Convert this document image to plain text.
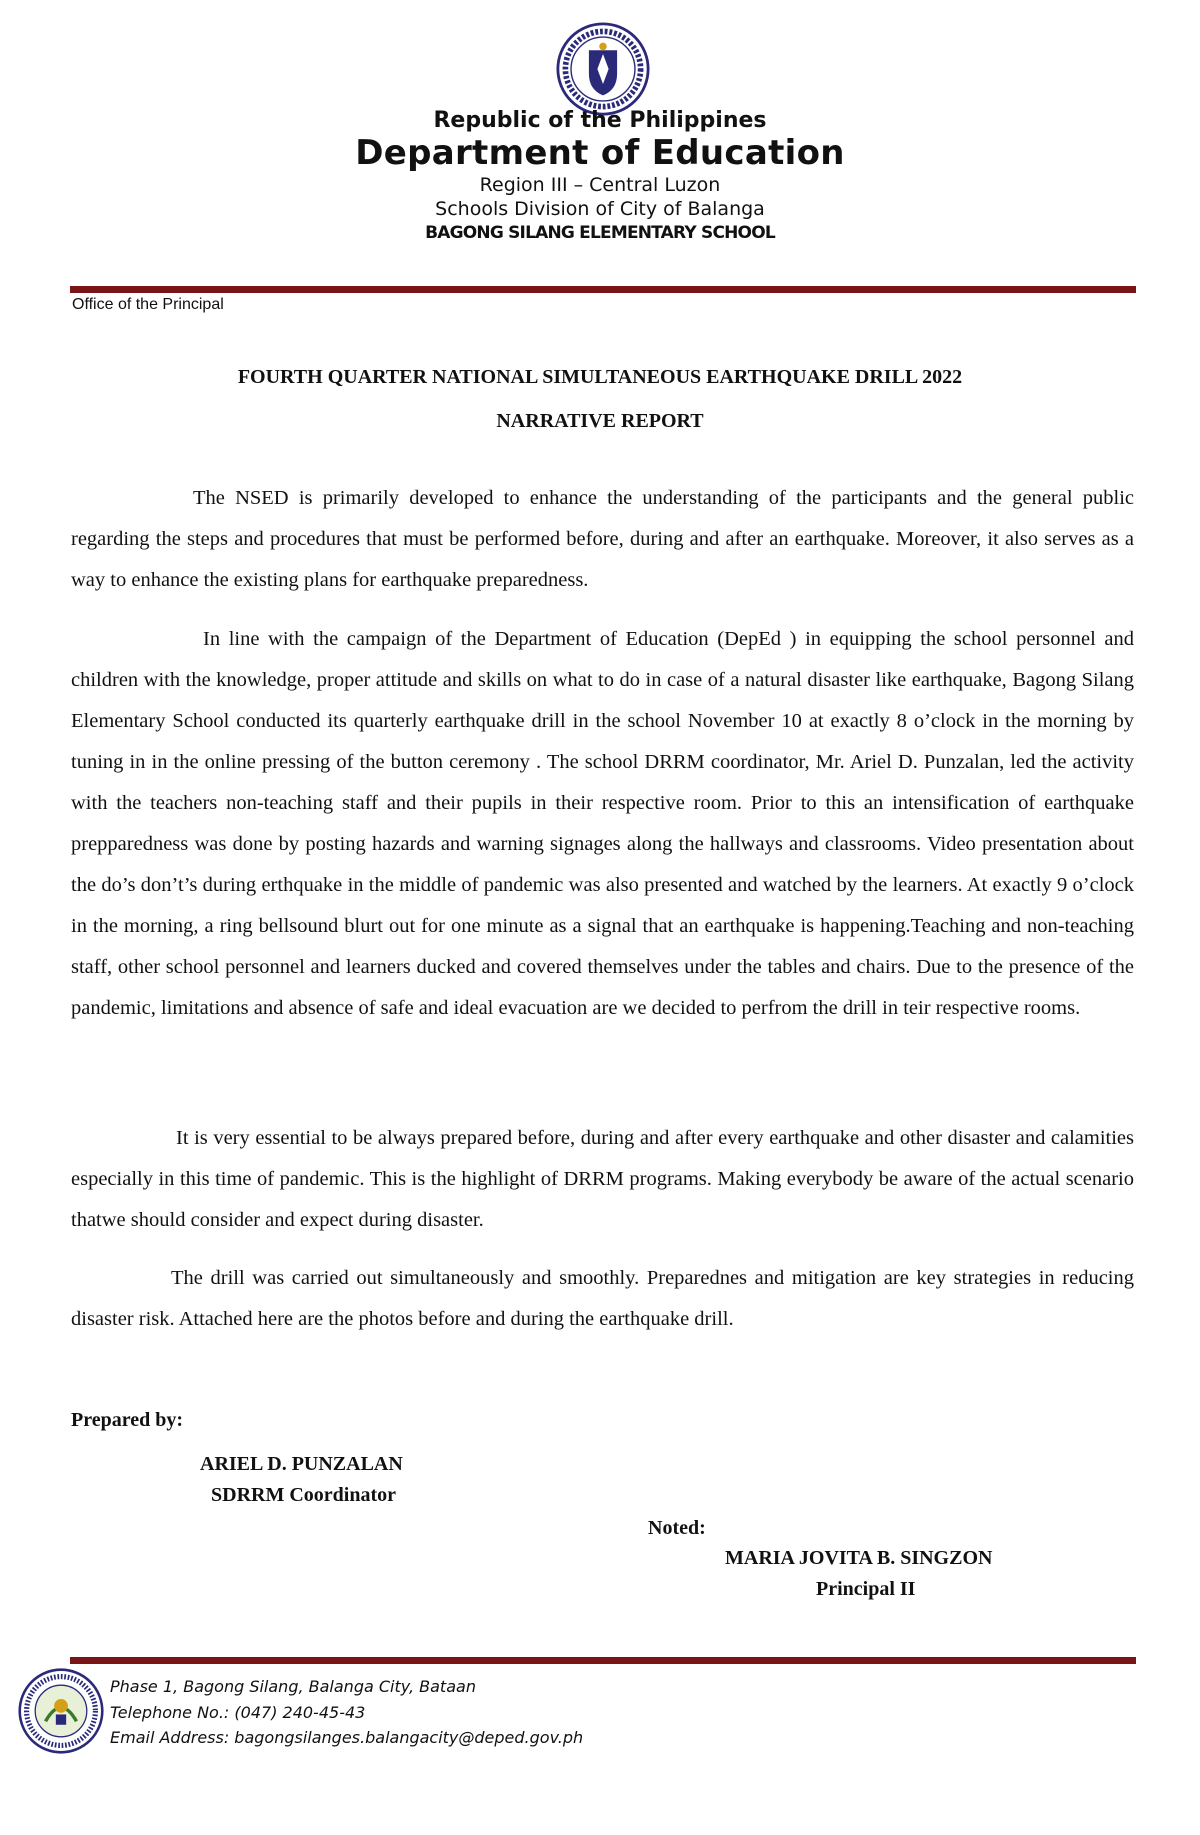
Republic of the Philippines
Department of Education
Region III – Central Luzon
Schools Division of City of Balanga
BAGONG SILANG ELEMENTARY SCHOOL
Office of the Principal
FOURTH QUARTER NATIONAL SIMULTANEOUS EARTHQUAKE DRILL 2022
NARRATIVE REPORT
The NSED is primarily developed to enhance the understanding of the participants and the general public regarding the steps and procedures that must be performed before, during and after an earthquake. Moreover, it also serves as a way to enhance the existing plans for earthquake preparedness.
In line with the campaign of the Department of Education (DepEd ) in equipping the school personnel and children with the knowledge, proper attitude and skills on what to do in case of a natural disaster like earthquake, Bagong Silang Elementary School conducted its quarterly earthquake drill in the school November 10 at exactly 8 o’clock in the morning by tuning in in the online pressing of the button ceremony . The school DRRM coordinator, Mr. Ariel D. Punzalan, led the activity with the teachers non-teaching staff and their pupils in their respective room. Prior to this an intensification of earthquake prepparedness was done by posting hazards and warning signages along the hallways and classrooms. Video presentation about the do’s don’t’s during erthquake in the middle of pandemic was also presented and watched by the learners. At exactly 9 o’clock in the morning, a ring bellsound blurt out for one minute as a signal that an earthquake is happening.Teaching and non-teaching staff, other school personnel and learners ducked and covered themselves under the tables and chairs. Due to the presence of the pandemic, limitations and absence of safe and ideal evacuation are we decided to perfrom the drill in teir respective rooms.
It is very essential to be always prepared before, during and after every earthquake and other disaster and calamities especially in this time of pandemic. This is the highlight of DRRM programs. Making everybody be aware of the actual scenario thatwe should consider and expect during disaster.
The drill was carried out simultaneously and smoothly. Preparednes and mitigation are key strategies in reducing disaster risk. Attached here are the photos before and during the earthquake drill.
Prepared by:
ARIEL D. PUNZALAN
SDRRM Coordinator
Noted:
MARIA JOVITA B. SINGZON
Principal II
Phase 1, Bagong Silang, Balanga City, Bataan
Telephone No.: (047) 240-45-43
Email Address: bagongsilanges.balangacity@deped.gov.ph
